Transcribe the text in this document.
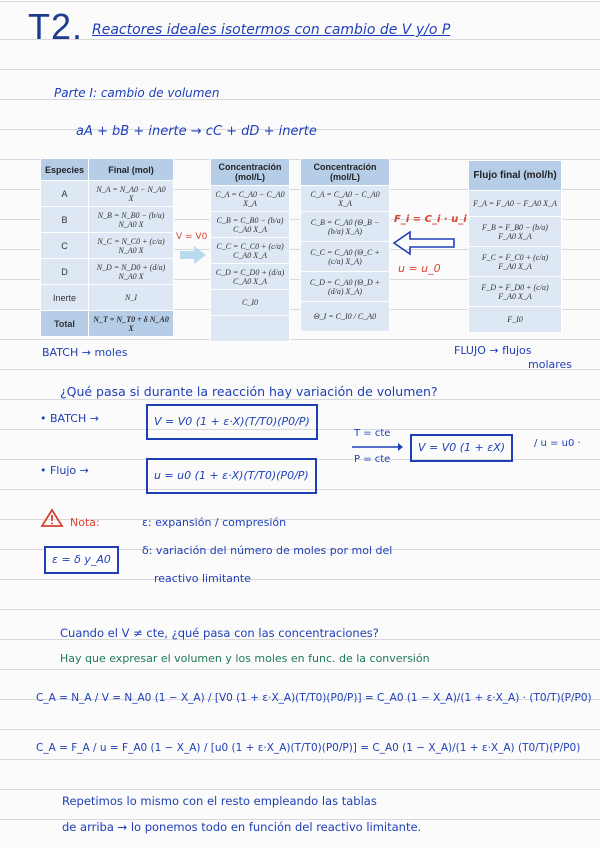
T2. Reactores ideales isotermos con cambio de V y/o P
Parte I: cambio de volumen
aA + bB + inerte → cC + dD + inerte
Especies	Final (mol)
A	N_A = N_A0 − N_A0 X
B	N_B = N_B0 − (b/a) N_A0 X
C	N_C = N_C0 + (c/a) N_A0 X
D	N_D = N_D0 + (d/a) N_A0 X
Inerte	N_I
Total	N_T = N_T0 + δ N_A0 X
V = V0
Concentración (mol/L)
C_A = C_A0 − C_A0 X_A
C_B = C_B0 − (b/a) C_A0 X_A
C_C = C_C0 + (c/a) C_A0 X_A
C_D = C_D0 + (d/a) C_A0 X_A
C_I0

Concentración (mol/L)
C_A = C_A0 − C_A0 X_A
C_B = C_A0 (Θ_B − (b/a) X_A)
C_C = C_A0 (Θ_C + (c/a) X_A)
C_D = C_A0 (Θ_D + (d/a) X_A)
Θ_I = C_I0 / C_A0
F_i = C_i · u_i
u = u_0
Flujo final (mol/h)
F_A = F_A0 − F_A0 X_A
F_B = F_B0 − (b/a) F_A0 X_A
F_C = F_C0 + (c/a) F_A0 X_A
F_D = F_D0 + (c/a) F_A0 X_A
F_I0
BATCH → moles	FLUJO → flujos
molares
¿Qué pasa si durante la reacción hay variación de volumen?
• BATCH →	V = V0 (1 + ε·X)(T/T0)(P0/P)
• Flujo →	u = u0 (1 + ε·X)(T/T0)(P0/P)
T = cte
P = cte
V = V0 (1 + εX)	/ u = u0 ·
Nota:	ε: expansión / compresión
ε = δ y_A0
δ: variación del número de moles por mol del
reactivo limitante
Cuando el V ≠ cte, ¿qué pasa con las concentraciones?
Hay que expresar el volumen y los moles en func. de la conversión
C_A = N_A / V = N_A0 (1 − X_A) / [V0 (1 + ε·X_A)(T/T0)(P0/P)] = C_A0 (1 − X_A)/(1 + ε·X_A) · (T0/T)(P/P0)
C_A = F_A / u = F_A0 (1 − X_A) / [u0 (1 + ε·X_A)(T/T0)(P0/P)] = C_A0 (1 − X_A)/(1 + ε·X_A) (T0/T)(P/P0)
Repetimos lo mismo con el resto empleando las tablas
de arriba → lo ponemos todo en función del reactivo limitante.
